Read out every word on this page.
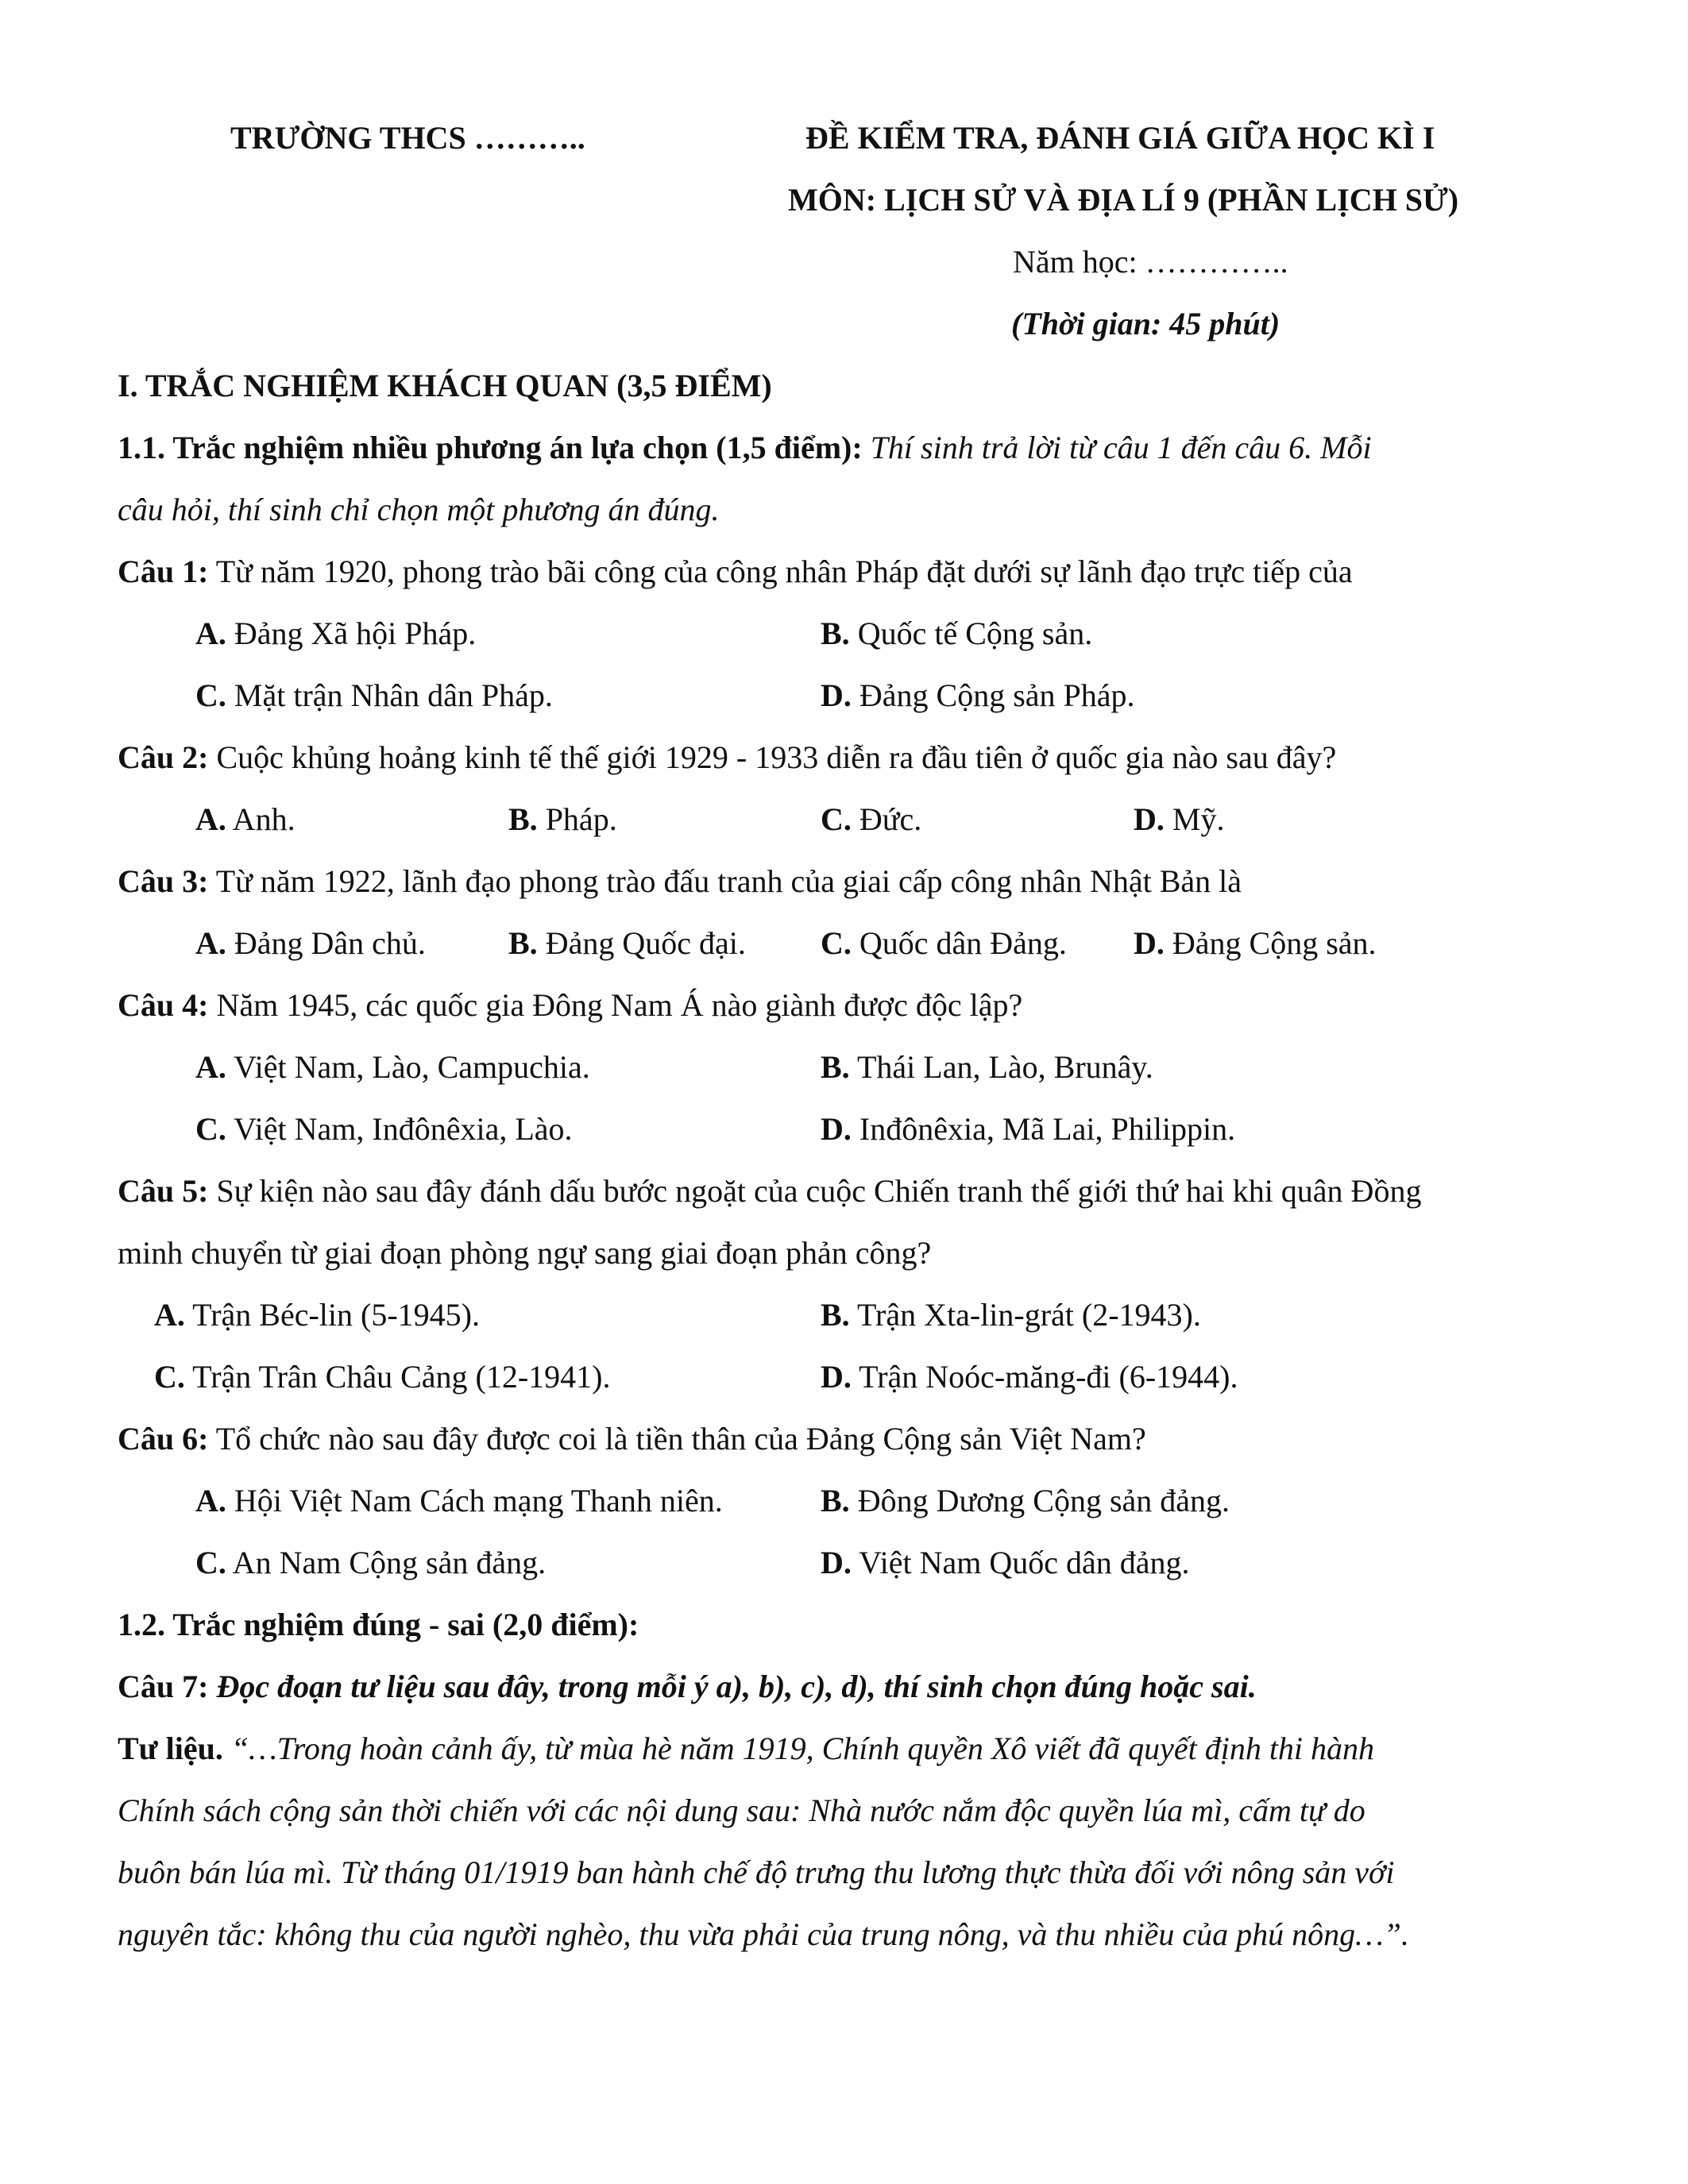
TRƯỜNG THCS ………..	ĐỀ KIỂM TRA, ĐÁNH GIÁ GIỮA HỌC KÌ I
MÔN: LỊCH SỬ VÀ ĐỊA LÍ 9 (PHẦN LỊCH SỬ)
Năm học: …………..
(Thời gian: 45 phút)
I. TRẮC NGHIỆM KHÁCH QUAN (3,5 ĐIỂM)
1.1. Trắc nghiệm nhiều phương án lựa chọn (1,5 điểm): Thí sinh trả lời từ câu 1 đến câu 6. Mỗi
câu hỏi, thí sinh chỉ chọn một phương án đúng.
Câu 1: Từ năm 1920, phong trào bãi công của công nhân Pháp đặt dưới sự lãnh đạo trực tiếp của
A. Đảng Xã hội Pháp.	B. Quốc tế Cộng sản.
C. Mặt trận Nhân dân Pháp.	D. Đảng Cộng sản Pháp.
Câu 2: Cuộc khủng hoảng kinh tế thế giới 1929 - 1933 diễn ra đầu tiên ở quốc gia nào sau đây?
A. Anh.	B. Pháp.	C. Đức.	D. Mỹ.
Câu 3: Từ năm 1922, lãnh đạo phong trào đấu tranh của giai cấp công nhân Nhật Bản là
A. Đảng Dân chủ.	B. Đảng Quốc đại. C. Quốc dân Đảng. D. Đảng Cộng sản.
Câu 4: Năm 1945, các quốc gia Đông Nam Á nào giành được độc lập?
A. Việt Nam, Lào, Campuchia.	B. Thái Lan, Lào, Brunây.
C. Việt Nam, Inđônêxia, Lào.	D. Inđônêxia, Mã Lai, Philippin.
Câu 5: Sự kiện nào sau đây đánh dấu bước ngoặt của cuộc Chiến tranh thế giới thứ hai khi quân Đồng
minh chuyển từ giai đoạn phòng ngự sang giai đoạn phản công?
A. Trận Béc-lin (5-1945).	B. Trận Xta-lin-grát (2-1943).
C. Trận Trân Châu Cảng (12-1941).	D. Trận Noóc-măng-đi (6-1944).
Câu 6: Tổ chức nào sau đây được coi là tiền thân của Đảng Cộng sản Việt Nam?
A. Hội Việt Nam Cách mạng Thanh niên.	B. Đông Dương Cộng sản đảng.
C. An Nam Cộng sản đảng.	D. Việt Nam Quốc dân đảng.
1.2. Trắc nghiệm đúng - sai (2,0 điểm):
Câu 7: Đọc đoạn tư liệu sau đây, trong mỗi ý a), b), c), d), thí sinh chọn đúng hoặc sai.
Tư liệu. “…Trong hoàn cảnh ấy, từ mùa hè năm 1919, Chính quyền Xô viết đã quyết định thi hành
Chính sách cộng sản thời chiến với các nội dung sau: Nhà nước nắm độc quyền lúa mì, cấm tự do
buôn bán lúa mì. Từ tháng 01/1919 ban hành chế độ trưng thu lương thực thừa đối với nông sản với
nguyên tắc: không thu của người nghèo, thu vừa phải của trung nông, và thu nhiều của phú nông…”.
